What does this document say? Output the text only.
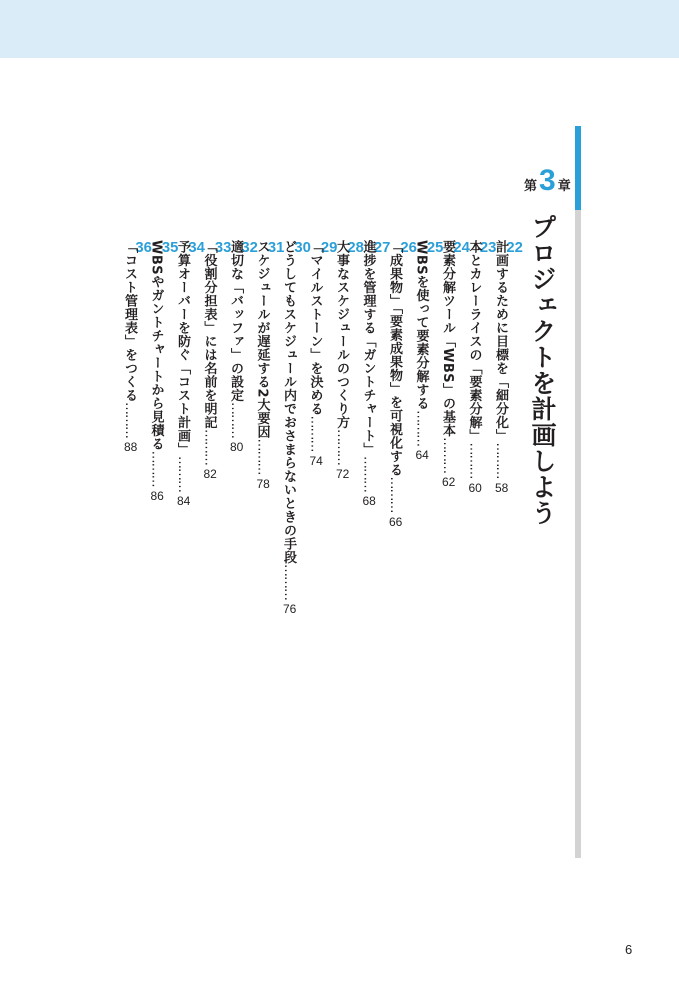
第 3 章
プロジェクトを計画しよう
22
計画するために目標を「細分化」………
58
23
本とカレーライスの「要素分解」………
60
24
要素分解ツール「WBS」の基本………
62
25
WBSを使って要素分解する………
64
26
「成果物」「要素成果物」を可視化する………
66
27
進捗を管理する「ガントチャート」………
68
28
大事なスケジュールのつくり方………
72
29
「マイルストーン」を決める………
74
30
どうしてもスケジュール内でおさまらないときの手段………
76
31
スケジュールが遅延する2大要因………
78
32
適切な「バッファ」の設定………
80
33
「役割分担表」には名前を明記………
82
34
予算オーバーを防ぐ「コスト計画」………
84
35
WBSやガントチャートから見積る………
86
36
「コスト管理表」をつくる………
88
6
